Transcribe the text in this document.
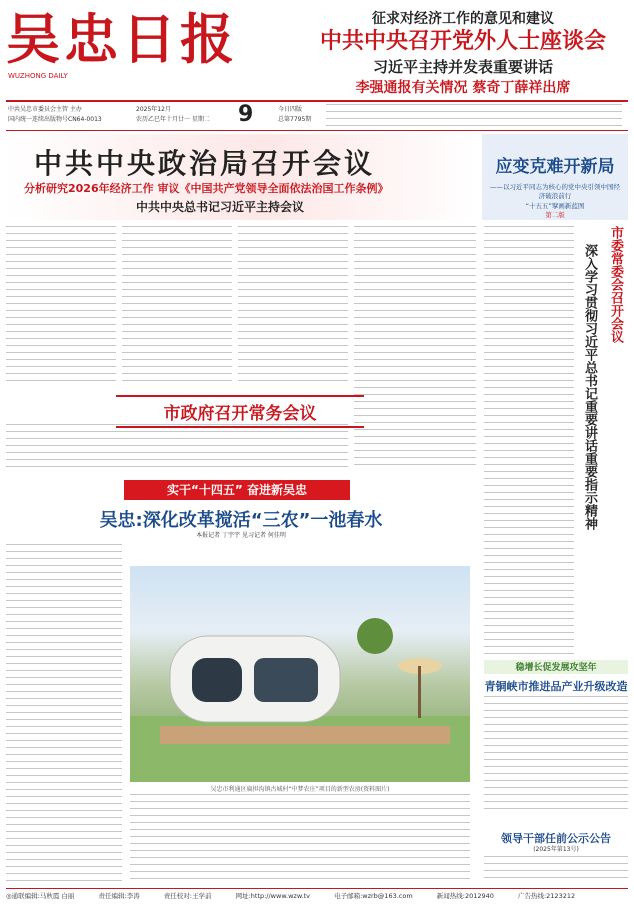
吴忠日报
WUZHONG DAILY
征求对经济工作的意见和建议
中共中央召开党外人士座谈会
习近平主持并发表重要讲话
李强通报有关情况 蔡奇丁薛祥出席
中共吴忠市委员会主管 主办
国内统一连续出版物号CN64-0013
2025年12月
农历乙巳年十月廿一 星期二 9	今日四版
总第7795期
中共中央政治局召开会议
分析研究2026年经济工作 审议《中国共产党领导全面依法治国工作条例》
中共中央总书记习近平主持会议
应变克难开新局
——以习近平同志为核心的党中央引领中国经济破浪前行
“十五五”擘画新蓝图
第二版
市委常委会召开会议
深入学习贯彻习近平总书记重要讲话重要指示精神
市政府召开常务会议
实干“十四五” 奋进新吴忠
吴忠:深化改革搅活“三农”一池春水
本报记者 丁宇宇 见习记者 何佳明
吴忠市利通区扁担沟镇古城村“中梦农庄”项目的新型农房(资料图片)
稳增长促发展攻坚年
青铜峡市推进品产业升级改造
领导干部任前公示公告
(2025年第13号)
◎通联编辑:马秋霞 白丽	责任编辑:李涛	责任校对:王学前	网址:http://www.wzw.tv	电子邮箱:wzrb@163.com	新闻热线:2012940	广告热线:2123212
